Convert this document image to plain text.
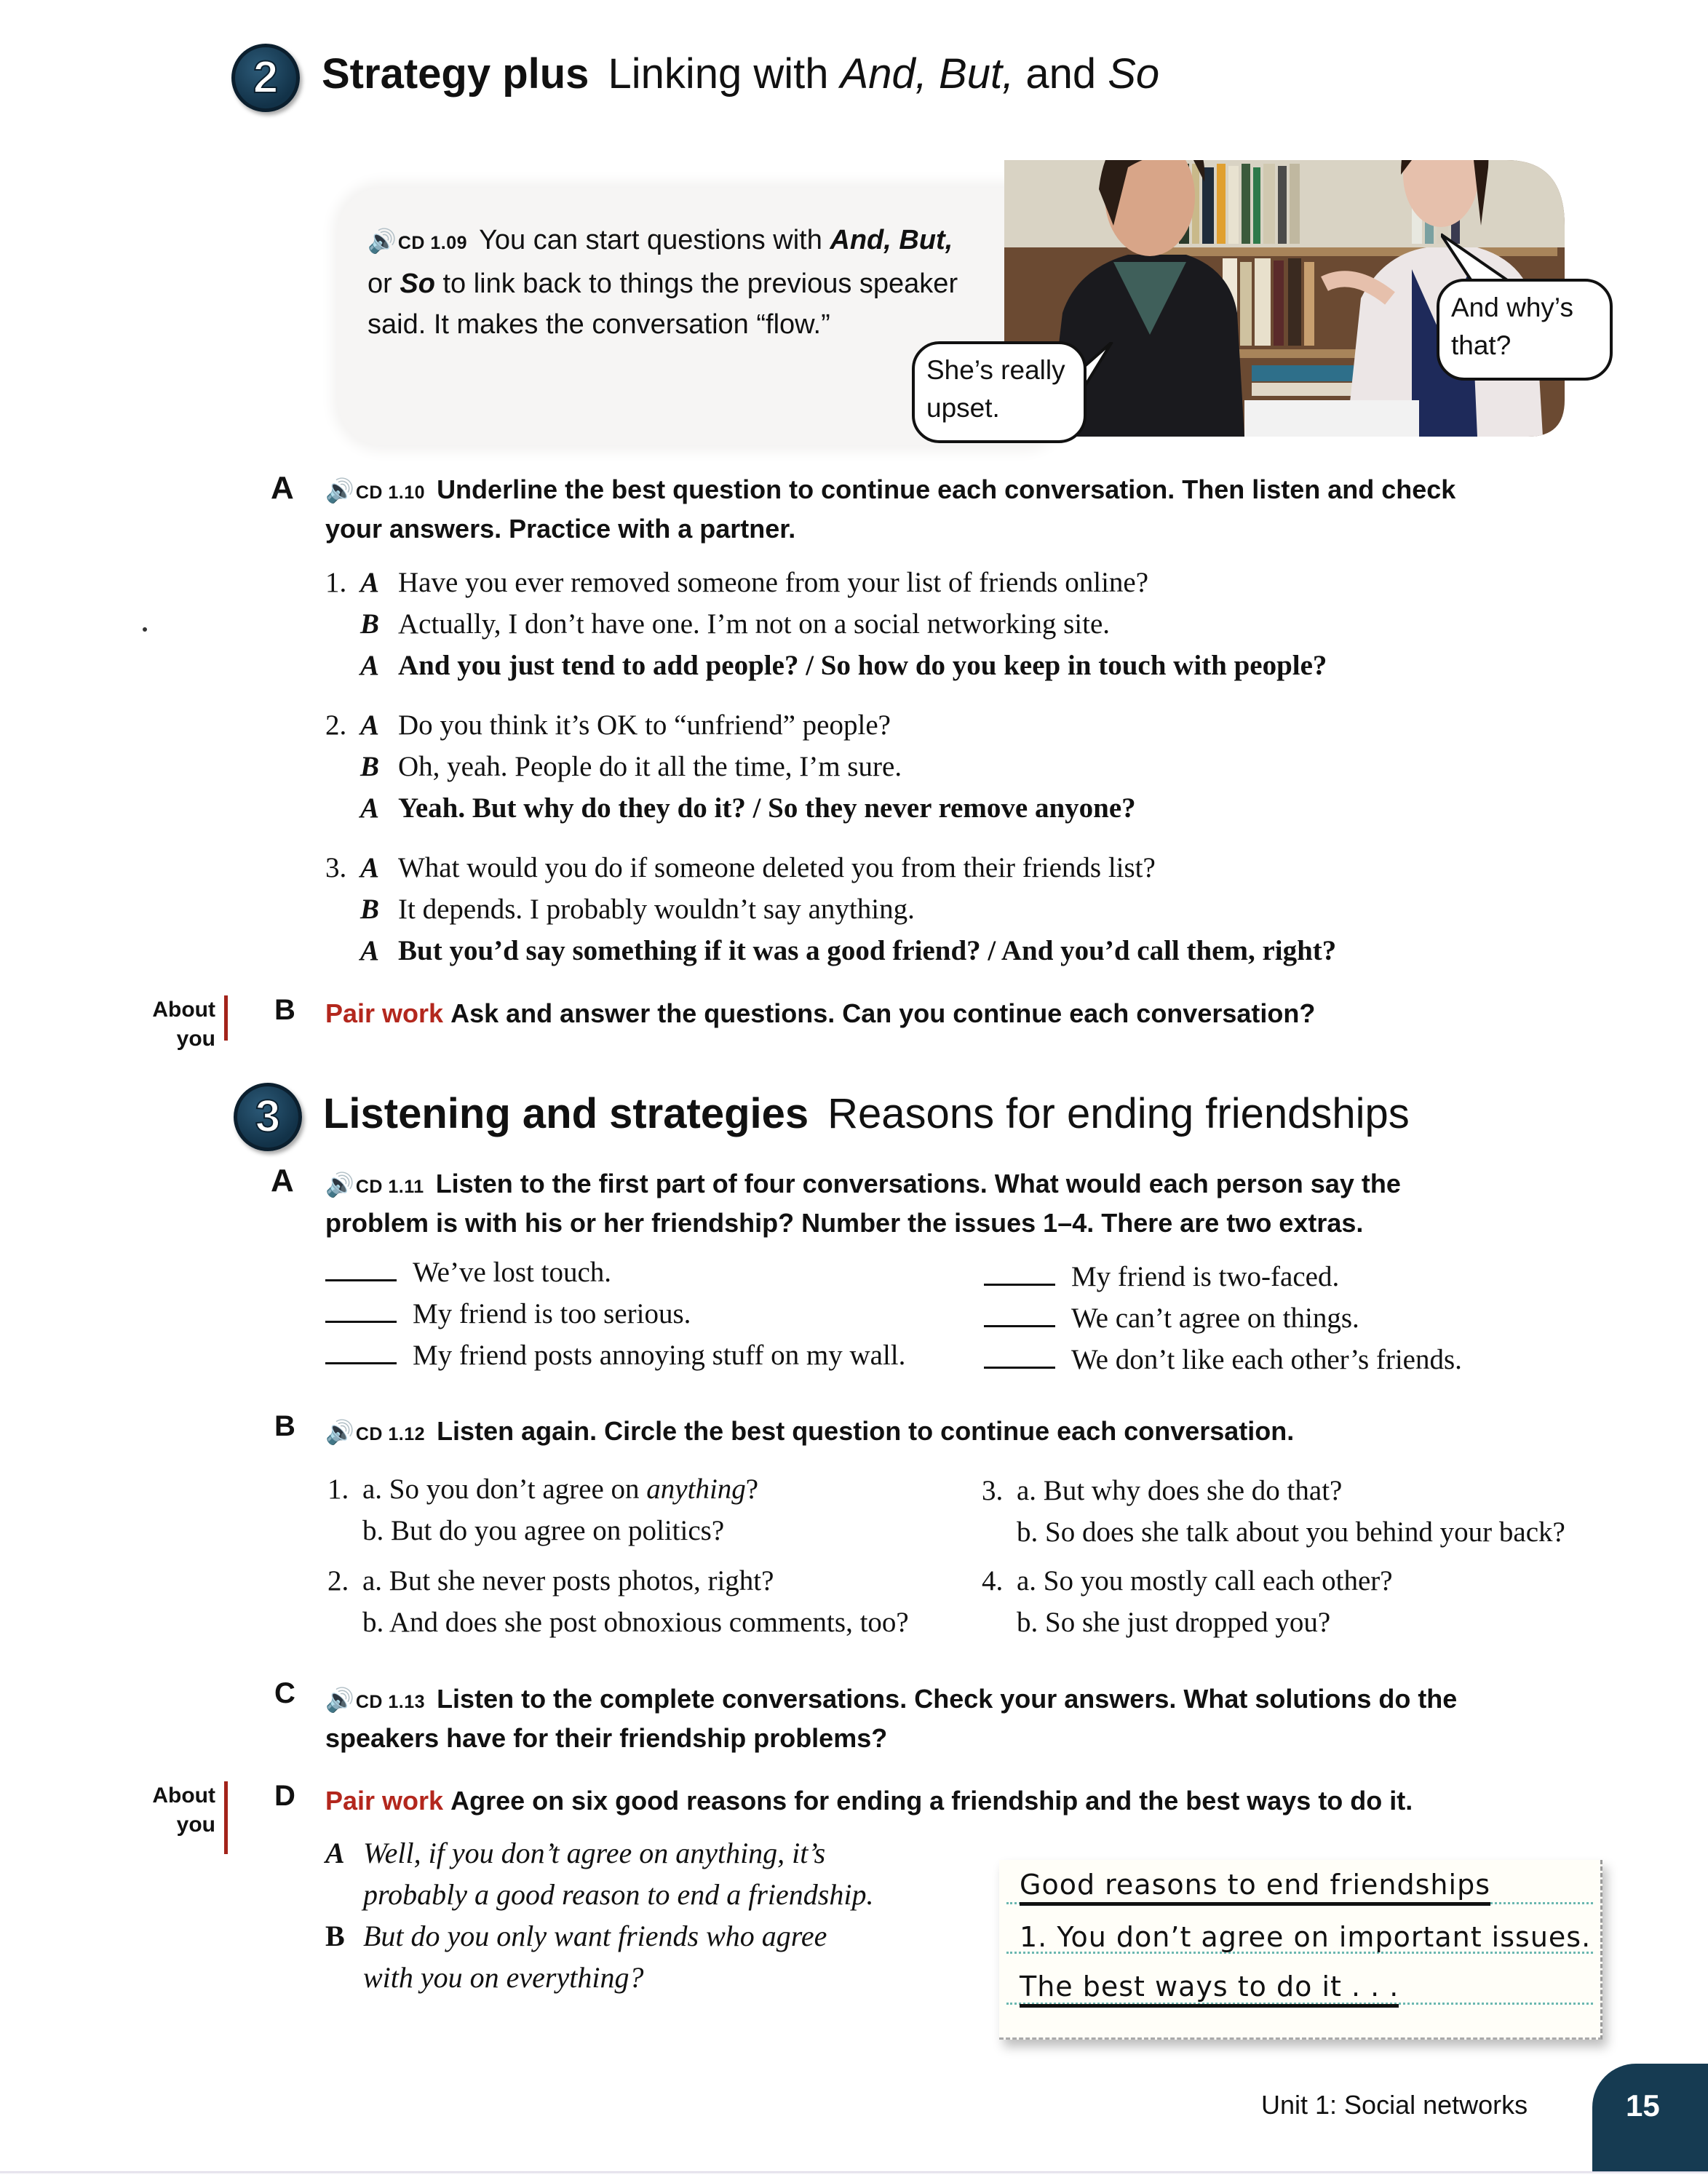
2	Strategy plus Linking with And, But, and So
🔊CD 1.09 You can start questions with And, But, or So to link back to things the previous speaker said. It makes the conversation “flow.”
She’s really upset.
And why’s that?
A 🔊CD 1.10 Underline the best question to continue each conversation. Then listen and check your answers. Practice with a partner.
1. A Have you ever removed someone from your list of friends online?
B Actually, I don’t have one. I’m not on a social networking site.
A And you just tend to add people? / So how do you keep in touch with people?
2. A Do you think it’s OK to “unfriend” people?
B Oh, yeah. People do it all the time, I’m sure.
A Yeah. But why do they do it? / So they never remove anyone?
3. A What would you do if someone deleted you from their friends list?
B It depends. I probably wouldn’t say anything.
A But you’d say something if it was a good friend? / And you’d call them, right?
About
you
B Pair work Ask and answer the questions. Can you continue each conversation?
3	Listening and strategies Reasons for ending friendships
A 🔊CD 1.11 Listen to the first part of four conversations. What would each person say the
problem is with his or her friendship? Number the issues 1–4. There are two extras.
We’ve lost touch.
My friend is too serious.
My friend posts annoying stuff on my wall.
My friend is two-faced.
We can’t agree on things.
We don’t like each other’s friends.
B 🔊CD 1.12 Listen again. Circle the best question to continue each conversation.
1. a. So you don’t agree on anything?
b. But do you agree on politics?
2. a. But she never posts photos, right?
b. And does she post obnoxious comments, too?
3. a. But why does she do that?
b. So does she talk about you behind your back?
4. a. So you mostly call each other?
b. So she just dropped you?
C 🔊CD 1.13 Listen to the complete conversations. Check your answers. What solutions do the
speakers have for their friendship problems?
About
you
D Pair work Agree on six good reasons for ending a friendship and the best ways to do it.
A Well, if you don’t agree on anything, it’s
probably a good reason to end a friendship.
B But do you only want friends who agree
with you on everything?
Good reasons to end friendships
1. You don’t agree on important issues.
The best ways to do it . . .
Unit 1: Social networks	15
